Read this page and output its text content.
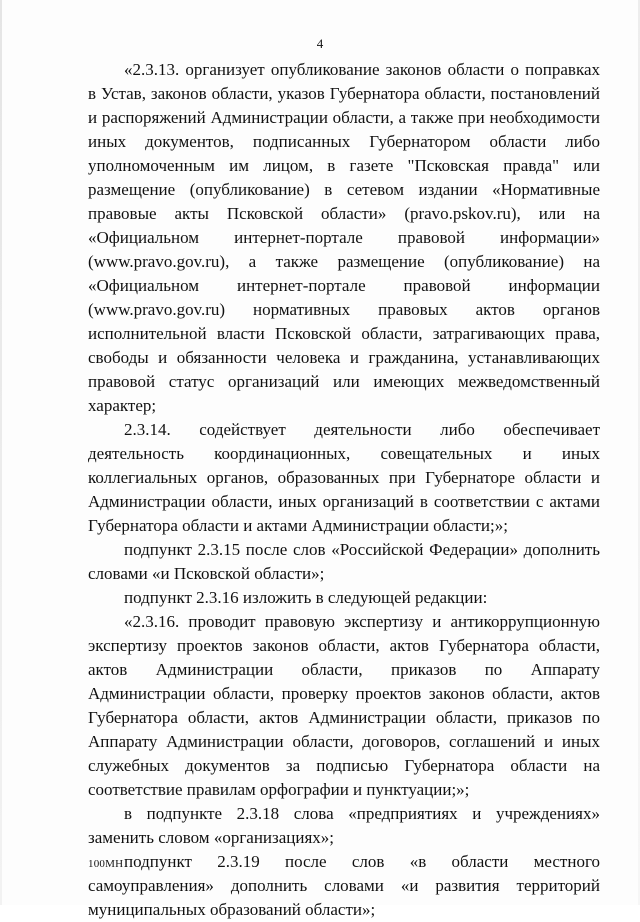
4

«2.3.13. организует опубликование законов области о поправках в Устав, законов области, указов Губернатора области, постановлений и распоряжений Администрации области, а также при необходимости иных документов, подписанных Губернатором области либо уполномоченным им лицом, в газете "Псковская правда" или размещение (опубликование) в сетевом издании «Нормативные правовые акты Псковской области» (pravo.pskov.ru), или на «Официальном интернет-портале правовой информации» (www.pravo.gov.ru), а также размещение (опубликование) на «Официальном интернет-портале правовой информации (www.pravo.gov.ru) нормативных правовых актов органов исполнительной власти Псковской области, затрагивающих права, свободы и обязанности человека и гражданина, устанавливающих правовой статус организаций или имеющих межведомственный характер;

2.3.14. содействует деятельности либо обеспечивает деятельность координационных, совещательных и иных коллегиальных органов, образованных при Губернаторе области и Администрации области, иных организаций в соответствии с актами Губернатора области и актами Администрации области;»;

подпункт 2.3.15 после слов «Российской Федерации» дополнить словами «и Псковской области»;

подпункт 2.3.16 изложить в следующей редакции:

«2.3.16. проводит правовую экспертизу и антикоррупционную экспертизу проектов законов области, актов Губернатора области, актов Администрации области, приказов по Аппарату Администрации области, проверку проектов законов области, актов Губернатора области, актов Администрации области, приказов по Аппарату Администрации области, договоров, соглашений и иных служебных документов за подписью Губернатора области на соответствие правилам орфографии и пунктуации;»;

в подпункте 2.3.18 слова «предприятиях и учреждениях» заменить словом «организациях»;

подпункт 2.3.19 после слов «в области местного самоуправления» дополнить словами «и развития территорий муниципальных образований области»;

100МН
